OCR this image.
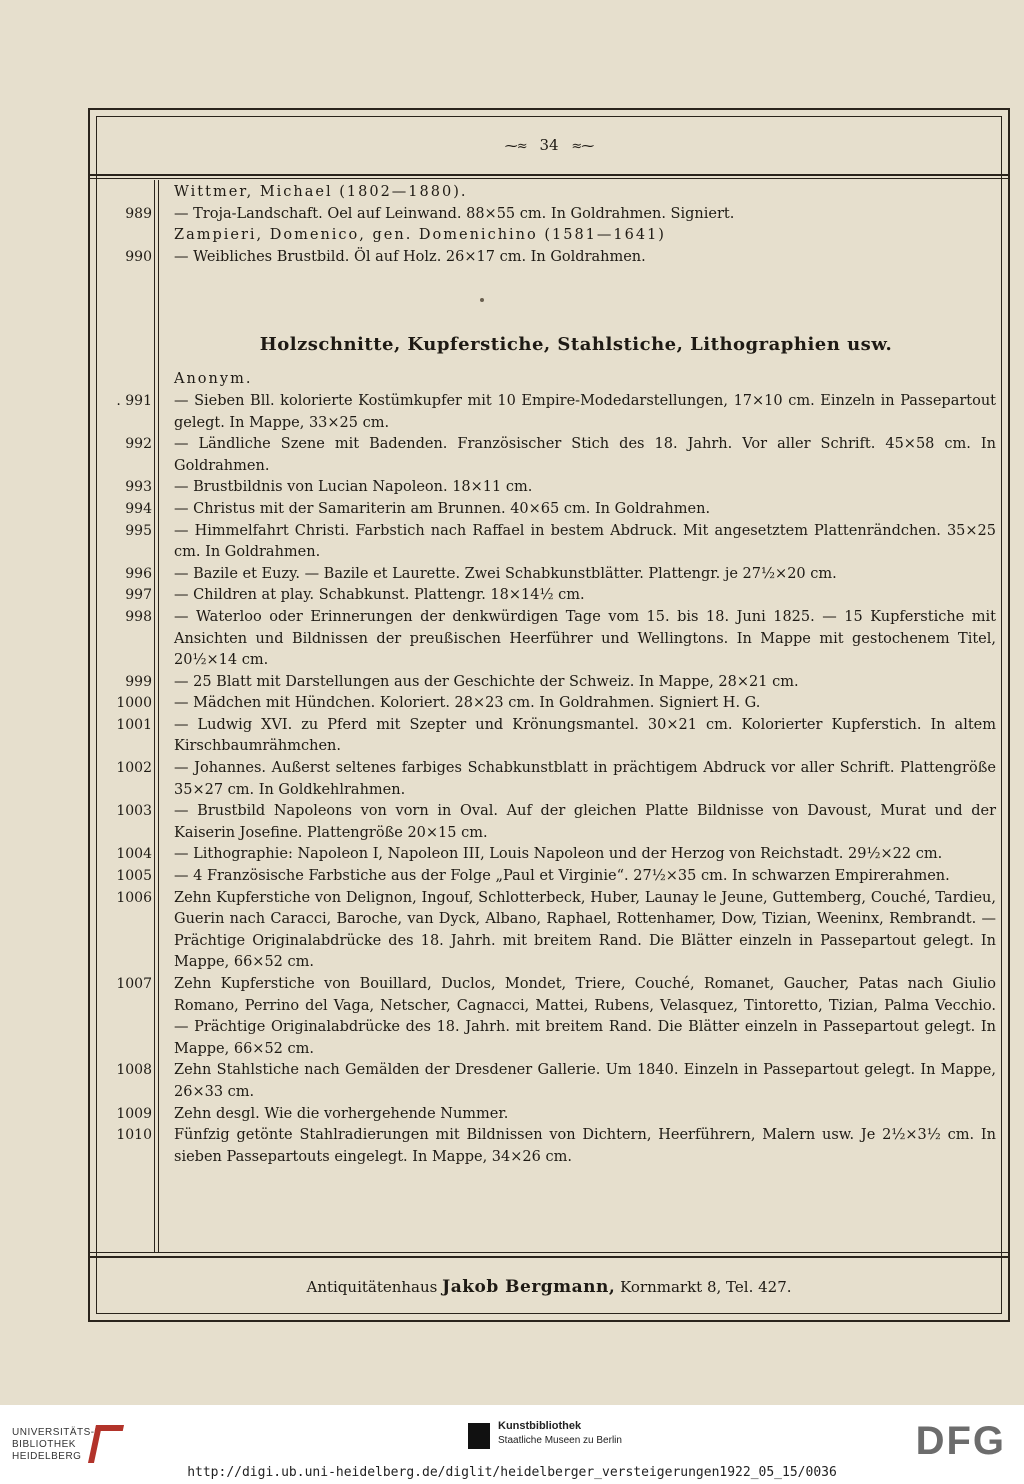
⁓≈ 34 ≈⁓
Antiquitätenhaus Jakob Bergmann, Kornmarkt 8, Tel. 427.
Wittmer, Michael (1802—1880).
989	— Troja-Landschaft. Oel auf Leinwand. 88×55 cm. In Goldrahmen. Signiert.
Zampieri, Domenico, gen. Domenichino (1581—1641)
990	— Weibliches Brustbild. Öl auf Holz. 26×17 cm. In Goldrahmen.
Holzschnitte, Kupferstiche, Stahlstiche, Lithographien usw.
Anonym.
. 991	— Sieben Bll. kolorierte Kostümkupfer mit 10 Empire-Modedarstellungen, 17×10 cm. Einzeln in Passepartout gelegt. In Mappe, 33×25 cm.
992	— Ländliche Szene mit Badenden. Französischer Stich des 18. Jahrh. Vor aller Schrift. 45×58 cm. In Goldrahmen.
993	— Brustbildnis von Lucian Napoleon. 18×11 cm.
994	— Christus mit der Samariterin am Brunnen. 40×65 cm. In Goldrahmen.
995	— Himmelfahrt Christi. Farbstich nach Raffael in bestem Abdruck. Mit angesetztem Plattenrändchen. 35×25 cm. In Goldrahmen.
996	— Bazile et Euzy. — Bazile et Laurette. Zwei Schabkunstblätter. Plattengr. je 27½×20 cm.
997	— Children at play. Schabkunst. Plattengr. 18×14½ cm.
998	— Waterloo oder Erinnerungen der denkwürdigen Tage vom 15. bis 18. Juni 1825. — 15 Kupferstiche mit Ansichten und Bildnissen der preußischen Heerführer und Wellingtons. In Mappe mit gestochenem Titel, 20½×14 cm.
999	— 25 Blatt mit Darstellungen aus der Geschichte der Schweiz. In Mappe, 28×21 cm.
1000	— Mädchen mit Hündchen. Koloriert. 28×23 cm. In Goldrahmen. Signiert H. G.
1001	— Ludwig XVI. zu Pferd mit Szepter und Krönungsmantel. 30×21 cm. Kolorierter Kupferstich. In altem Kirschbaumrähmchen.
1002	— Johannes. Außerst seltenes farbiges Schabkunstblatt in prächtigem Abdruck vor aller Schrift. Plattengröße 35×27 cm. In Goldkehlrahmen.
1003	— Brustbild Napoleons von vorn in Oval. Auf der gleichen Platte Bildnisse von Davoust, Murat und der Kaiserin Josefine. Plattengröße 20×15 cm.
1004	— Lithographie: Napoleon I, Napoleon III, Louis Napoleon und der Herzog von Reichstadt. 29½×22 cm.
1005	— 4 Französische Farbstiche aus der Folge „Paul et Virginie“. 27½×35 cm. In schwarzen Empirerahmen.
1006	Zehn Kupferstiche von Delignon, Ingouf, Schlotterbeck, Huber, Launay le Jeune, Guttemberg, Couché, Tardieu, Guerin nach Caracci, Baroche, van Dyck, Albano, Raphael, Rottenhamer, Dow, Tizian, Weeninx, Rembrandt. — Prächtige Originalabdrücke des 18. Jahrh. mit breitem Rand. Die Blätter einzeln in Passepartout gelegt. In Mappe, 66×52 cm.
1007	Zehn Kupferstiche von Bouillard, Duclos, Mondet, Triere, Couché, Romanet, Gaucher, Patas nach Giulio Romano, Perrino del Vaga, Netscher, Cagnacci, Mattei, Rubens, Velasquez, Tintoretto, Tizian, Palma Vecchio. — Prächtige Originalabdrücke des 18. Jahrh. mit breitem Rand. Die Blätter einzeln in Passepartout gelegt. In Mappe, 66×52 cm.
1008	Zehn Stahlstiche nach Gemälden der Dresdener Gallerie. Um 1840. Einzeln in Passepartout gelegt. In Mappe, 26×33 cm.
1009	Zehn desgl. Wie die vorhergehende Nummer.
1010	Fünfzig getönte Stahlradierungen mit Bildnissen von Dichtern, Heerführern, Malern usw. Je 2½×3½ cm. In sieben Passepartouts eingelegt. In Mappe, 34×26 cm.
UNIVERSITÄTS-
BIBLIOTHEK
HEIDELBERG
Kunstbibliothek
Staatliche Museen zu Berlin	DFG
http://digi.ub.uni-heidelberg.de/diglit/heidelberger_versteigerungen1922_05_15/0036
